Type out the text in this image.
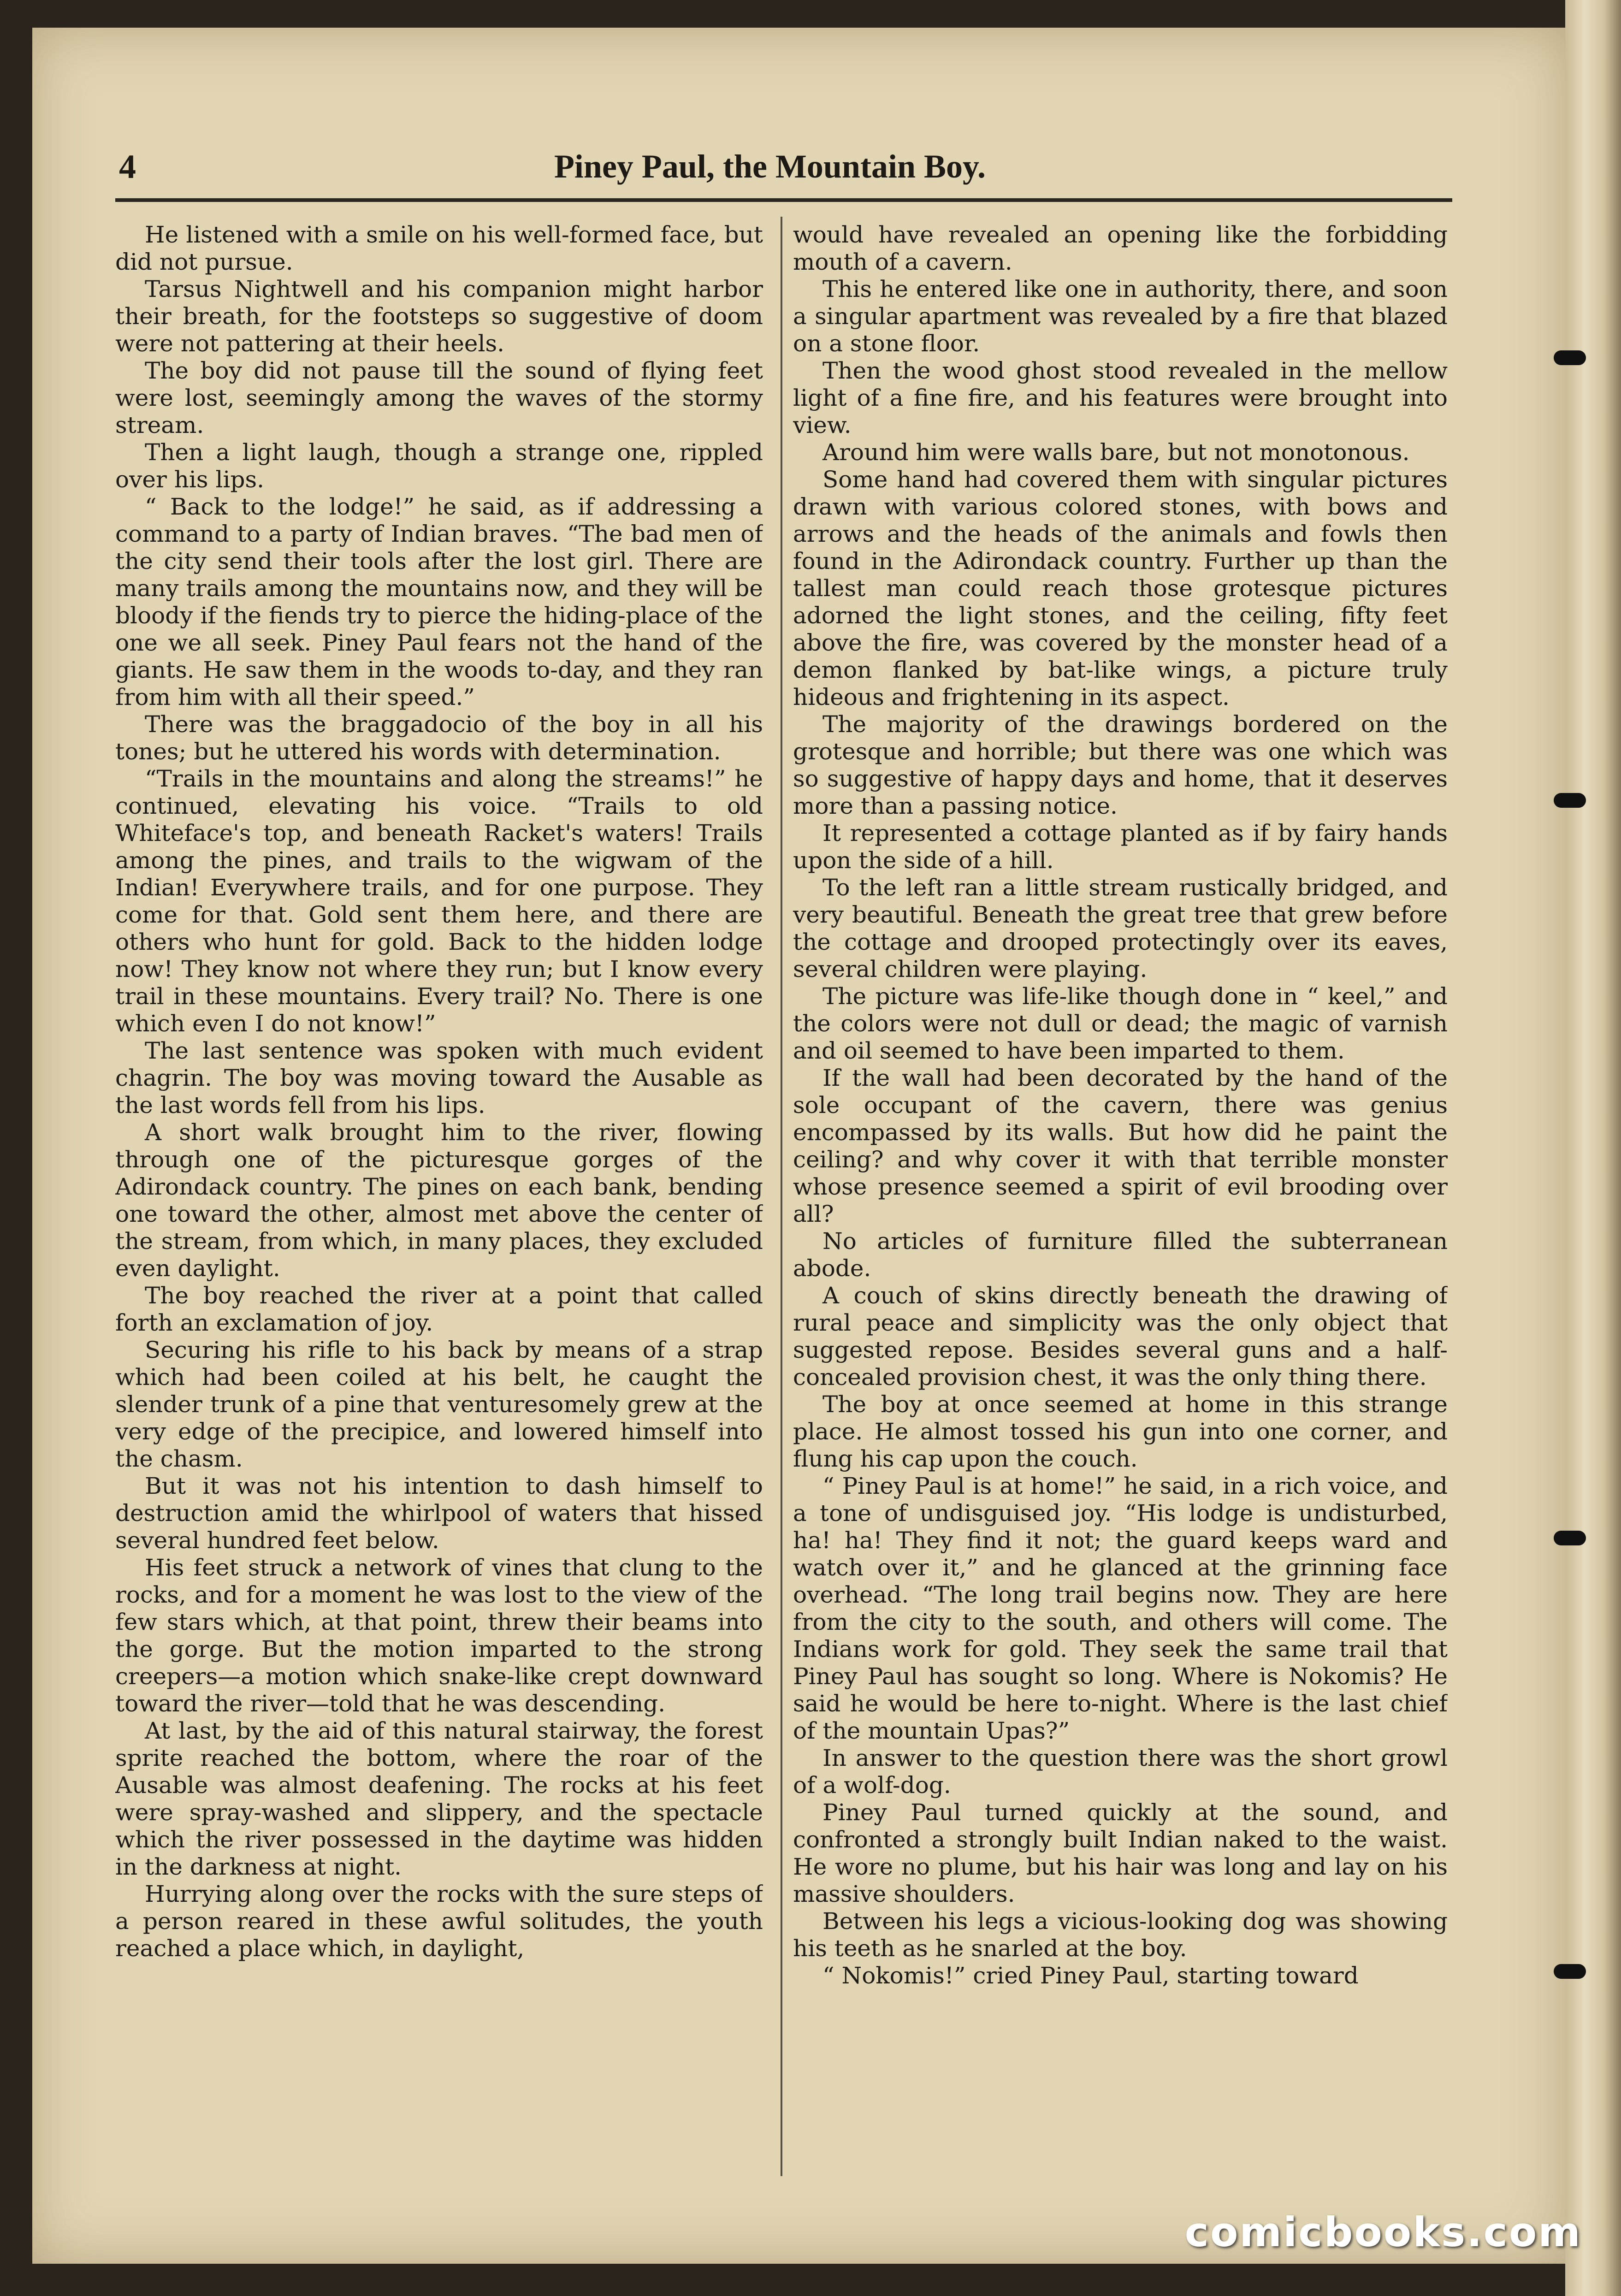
4	Piney Paul, the Mountain Boy.

He listened with a smile on his well-formed face, but did not pursue.

Tarsus Nightwell and his companion might harbor their breath, for the footsteps so suggestive of doom were not pattering at their heels.

The boy did not pause till the sound of flying feet were lost, seemingly among the waves of the stormy stream.

Then a light laugh, though a strange one, rippled over his lips.

“ Back to the lodge!” he said, as if addressing a command to a party of Indian braves. “The bad men of the city send their tools after the lost girl. There are many trails among the mountains now, and they will be bloody if the fiends try to pierce the hiding-place of the one we all seek. Piney Paul fears not the hand of the giants. He saw them in the woods to-day, and they ran from him with all their speed.”

There was the braggadocio of the boy in all his tones; but he uttered his words with determination.

“Trails in the mountains and along the streams!” he continued, elevating his voice. “Trails to old Whiteface's top, and beneath Racket's waters! Trails among the pines, and trails to the wigwam of the Indian! Everywhere trails, and for one purpose. They come for that. Gold sent them here, and there are others who hunt for gold. Back to the hidden lodge now! They know not where they run; but I know every trail in these mountains. Every trail? No. There is one which even I do not know!”

The last sentence was spoken with much evident chagrin. The boy was moving toward the Ausable as the last words fell from his lips.

A short walk brought him to the river, flowing through one of the picturesque gorges of the Adirondack country. The pines on each bank, bending one toward the other, almost met above the center of the stream, from which, in many places, they excluded even daylight.

The boy reached the river at a point that called forth an exclamation of joy.

Securing his rifle to his back by means of a strap which had been coiled at his belt, he caught the slender trunk of a pine that venturesomely grew at the very edge of the precipice, and lowered himself into the chasm.

But it was not his intention to dash himself to destruction amid the whirlpool of waters that hissed several hundred feet below.

His feet struck a network of vines that clung to the rocks, and for a moment he was lost to the view of the few stars which, at that point, threw their beams into the gorge. But the motion imparted to the strong creepers—a motion which snake-like crept downward toward the river—told that he was descending.

At last, by the aid of this natural stairway, the forest sprite reached the bottom, where the roar of the Ausable was almost deafening. The rocks at his feet were spray-washed and slippery, and the spectacle which the river possessed in the daytime was hidden in the darkness at night.

Hurrying along over the rocks with the sure steps of a person reared in these awful solitudes, the youth reached a place which, in daylight,

would have revealed an opening like the forbidding mouth of a cavern.

This he entered like one in authority, there, and soon a singular apartment was revealed by a fire that blazed on a stone floor.

Then the wood ghost stood revealed in the mellow light of a fine fire, and his features were brought into view.

Around him were walls bare, but not monotonous.

Some hand had covered them with singular pictures drawn with various colored stones, with bows and arrows and the heads of the animals and fowls then found in the Adirondack country. Further up than the tallest man could reach those grotesque pictures adorned the light stones, and the ceiling, fifty feet above the fire, was covered by the monster head of a demon flanked by bat-like wings, a picture truly hideous and frightening in its aspect.

The majority of the drawings bordered on the grotesque and horrible; but there was one which was so suggestive of happy days and home, that it deserves more than a passing notice.

It represented a cottage planted as if by fairy hands upon the side of a hill.

To the left ran a little stream rustically bridged, and very beautiful. Beneath the great tree that grew before the cottage and drooped protectingly over its eaves, several children were playing.

The picture was life-like though done in “ keel,” and the colors were not dull or dead; the magic of varnish and oil seemed to have been imparted to them.

If the wall had been decorated by the hand of the sole occupant of the cavern, there was genius encompassed by its walls. But how did he paint the ceiling? and why cover it with that terrible monster whose presence seemed a spirit of evil brooding over all?

No articles of furniture filled the subterranean abode.

A couch of skins directly beneath the drawing of rural peace and simplicity was the only object that suggested repose. Besides several guns and a half-concealed provision chest, it was the only thing there.

The boy at once seemed at home in this strange place. He almost tossed his gun into one corner, and flung his cap upon the couch.

“ Piney Paul is at home!” he said, in a rich voice, and a tone of undisguised joy. “His lodge is undisturbed, ha! ha! They find it not; the guard keeps ward and watch over it,” and he glanced at the grinning face overhead. “The long trail begins now. They are here from the city to the south, and others will come. The Indians work for gold. They seek the same trail that Piney Paul has sought so long. Where is Nokomis? He said he would be here to-night. Where is the last chief of the mountain Upas?”

In answer to the question there was the short growl of a wolf-dog.

Piney Paul turned quickly at the sound, and confronted a strongly built Indian naked to the waist. He wore no plume, but his hair was long and lay on his massive shoulders.

Between his legs a vicious-looking dog was showing his teeth as he snarled at the boy.

“ Nokomis!” cried Piney Paul, starting toward

comicbooks.com
